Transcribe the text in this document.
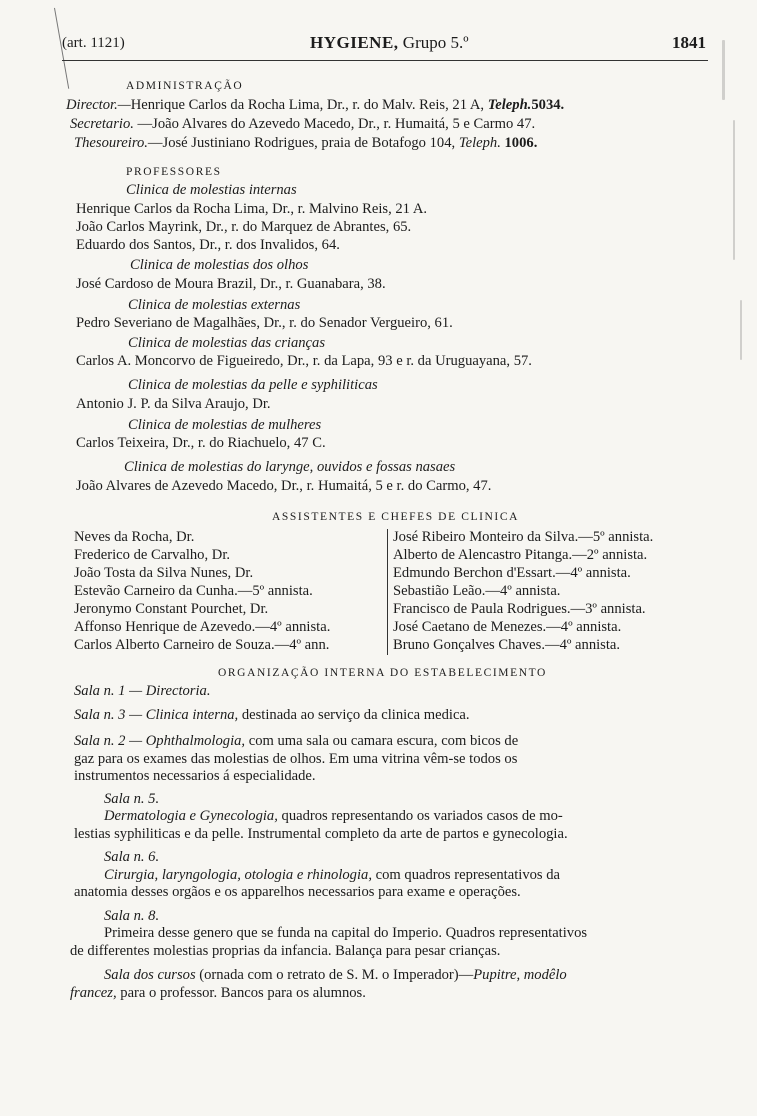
(art. 1121)	HYGIENE, Grupo 5.º	1841
ADMINISTRAÇÃO
Director.—Henrique Carlos da Rocha Lima, Dr., r. do Malv. Reis, 21 A, Teleph.5034.
Secretario. —João Alvares do Azevedo Macedo, Dr., r. Humaitá, 5 e Carmo 47.
Thesoureiro.—José Justiniano Rodrigues, praia de Botafogo 104, Teleph. 1006.
PROFESSORES
Clinica de molestias internas
Henrique Carlos da Rocha Lima, Dr., r. Malvino Reis, 21 A.
João Carlos Mayrink, Dr., r. do Marquez de Abrantes, 65.
Eduardo dos Santos, Dr., r. dos Invalidos, 64.
Clinica de molestias dos olhos
José Cardoso de Moura Brazil, Dr., r. Guanabara, 38.
Clinica de molestias externas
Pedro Severiano de Magalhães, Dr., r. do Senador Vergueiro, 61.
Clinica de molestias das crianças
Carlos A. Moncorvo de Figueiredo, Dr., r. da Lapa, 93 e r. da Uruguayana, 57.
Clinica de molestias da pelle e syphiliticas
Antonio J. P. da Silva Araujo, Dr.
Clinica de molestias de mulheres
Carlos Teixeira, Dr., r. do Riachuelo, 47 C.
Clinica de molestias do larynge, ouvidos e fossas nasaes
João Alvares de Azevedo Macedo, Dr., r. Humaitá, 5 e r. do Carmo, 47.
ASSISTENTES E CHEFES DE CLINICA
Neves da Rocha, Dr.
Frederico de Carvalho, Dr.
João Tosta da Silva Nunes, Dr.
Estevão Carneiro da Cunha.—5º annista.
Jeronymo Constant Pourchet, Dr.
Affonso Henrique de Azevedo.—4º annista.
Carlos Alberto Carneiro de Souza.—4º ann.
José Ribeiro Monteiro da Silva.—5º annista.
Alberto de Alencastro Pitanga.—2º annista.
Edmundo Berchon d'Essart.—4º annista.
Sebastião Leão.—4º annista.
Francisco de Paula Rodrigues.—3º annista.
José Caetano de Menezes.—4º annista.
Bruno Gonçalves Chaves.—4º annista.
ORGANIZAÇÃO INTERNA DO ESTABELECIMENTO
Sala n. 1 — Directoria.
Sala n. 3 — Clinica interna, destinada ao serviço da clinica medica.
Sala n. 2 — Ophthalmologia, com uma sala ou camara escura, com bicos de
gaz para os exames das molestias de olhos. Em uma vitrina vêm-se todos os
instrumentos necessarios á especialidade.
Sala n. 5.
Dermatologia e Gynecologia, quadros representando os variados casos de mo-
lestias syphiliticas e da pelle. Instrumental completo da arte de partos e gynecologia.
Sala n. 6.
Cirurgia, laryngologia, otologia e rhinologia, com quadros representativos da
anatomia desses orgãos e os apparelhos necessarios para exame e operações.
Sala n. 8.
Primeira desse genero que se funda na capital do Imperio. Quadros representativos
de differentes molestias proprias da infancia. Balança para pesar crianças.
Sala dos cursos (ornada com o retrato de S. M. o Imperador)—Pupitre, modêlo
francez, para o professor. Bancos para os alumnos.
